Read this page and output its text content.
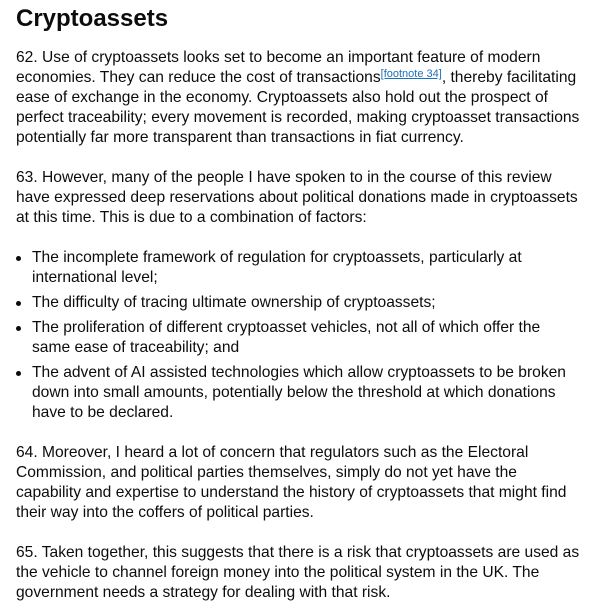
Cryptoassets

62. Use of cryptoassets looks set to become an important feature of modern economies. They can reduce the cost of transactions[footnote 34], thereby facilitating ease of exchange in the economy. Cryptoassets also hold out the prospect of perfect traceability; every movement is recorded, making cryptoasset transactions potentially far more transparent than transactions in fiat currency.

63. However, many of the people I have spoken to in the course of this review have expressed deep reservations about political donations made in cryptoassets at this time. This is due to a combination of factors:

The incomplete framework of regulation for cryptoassets, particularly at international level;
The difficulty of tracing ultimate ownership of cryptoassets;
The proliferation of different cryptoasset vehicles, not all of which offer the same ease of traceability; and
The advent of AI assisted technologies which allow cryptoassets to be broken down into small amounts, potentially below the threshold at which donations have to be declared.

64. Moreover, I heard a lot of concern that regulators such as the Electoral Commission, and political parties themselves, simply do not yet have the capability and expertise to understand the history of cryptoassets that might find their way into the coffers of political parties.

65. Taken together, this suggests that there is a risk that cryptoassets are used as the vehicle to channel foreign money into the political system in the UK. The government needs a strategy for dealing with that risk.
